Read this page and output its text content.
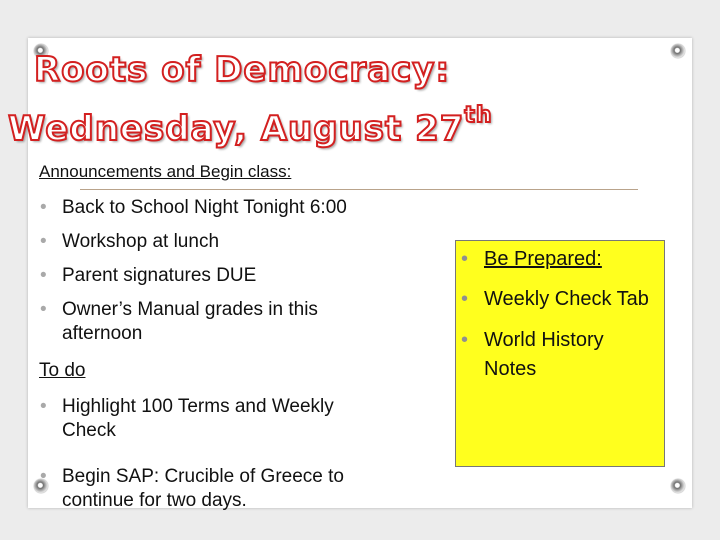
Roots of Democracy:
Wednesday, August 27th
Announcements and Begin class:
• Back to School Night Tonight 6:00
• Workshop at lunch
• Parent signatures DUE
• Owner’s Manual grades in this afternoon
To do
• Highlight 100 Terms and Weekly Check
• Begin SAP: Crucible of Greece to continue for two days.
• Be Prepared:
• Weekly Check Tab
• World History Notes
